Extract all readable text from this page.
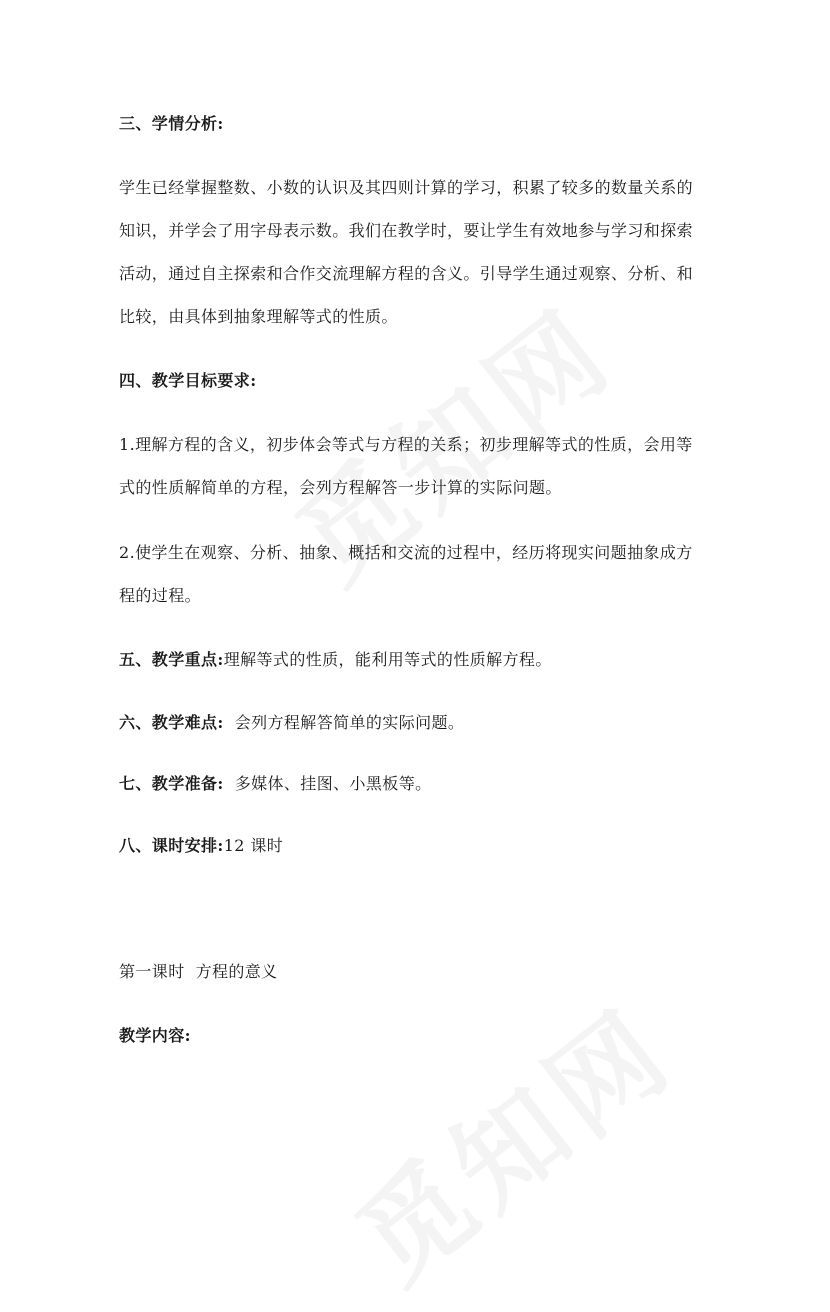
三、学情分析:
学生已经掌握整数、小数的认识及其四则计算的学习，积累了较多的数量关系的
知识，并学会了用字母表示数。我们在教学时，要让学生有效地参与学习和探索
活动，通过自主探索和合作交流理解方程的含义。引导学生通过观察、分析、和
比较，由具体到抽象理解等式的性质。
四、教学目标要求:
1.理解方程的含义，初步体会等式与方程的关系；初步理解等式的性质，会用等
式的性质解简单的方程，会列方程解答一步计算的实际问题。
2.使学生在观察、分析、抽象、概括和交流的过程中，经历将现实问题抽象成方
程的过程。
五、教学重点:理解等式的性质，能利用等式的性质解方程。
六、教学难点:  会列方程解答简单的实际问题。
七、教学准备:  多媒体、挂图、小黑板等。
八、课时安排:12 课时
第一课时  方程的意义
教学内容:
